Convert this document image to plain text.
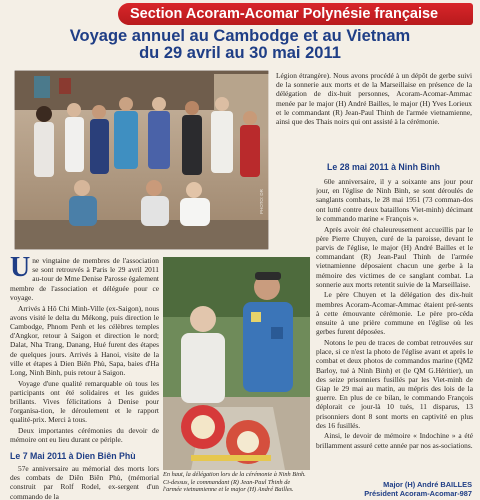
Section Acoram-Acomar Polynésie française
Voyage annuel au Cambodge et au Vietnam
du 29 avril au 30 mai 2011
PHOTO: DR

Légion étrangère). Nous avons procédé à un dépôt de gerbe suivi de la sonnerie aux morts et de la Marseillaise en présence de la délégation de dix-huit personnes, Acoram-Acomar-Ammac menée par le major (H) André Bailles, le major (H) Yves Lorieux et le commandant (R) Jean-Paul Thinh de l'armée vietnamienne, ainsi que des Thais noirs qui ont assisté à la cérémonie.

Le 28 mai 2011 à Ninh Binh

60e anniversaire, il y a soixante ans jour pour jour, en l'église de Ninh Binh, se sont déroulés de sanglants combats, le 28 mai 1951 (73 comman-dos ont lutté contre deux bataillons Viet-minh) décimant le commando marine « François ».

Après avoir été chaleureusement accueillis par le père Pierre Chuyen, curé de la paroisse, devant le parvis de l'église, le major (H) André Bailles et le commandant (R) Jean-Paul Thinh de l'armée vietnamienne déposaient chacun une gerbe à la mémoire des victimes de ce sanglant combat. La sonnerie aux morts retentit suivie de la Marseillaise.

Le père Chuyen et la délégation des dix-huit membres Acoram-Acomar-Ammac étaient pré-sents à cette émouvante cérémonie. Le père pro-céda ensuite à une prière commune en l'église où les gerbes furent déposées.

Notons le peu de traces de combat retrouvées sur place, si ce n'est la photo de l'église avant et après le combat et deux photos de commandos marine (QM2 Barloy, tué à Ninh Binh) et (le QM G.Héritier), un des seize prisonniers fusillés par les Viet-minh de Giap le 29 mai au matin, au mépris des lois de la guerre. En plus de ce bilan, le commando François déplorait ce jour-là 10 tués, 11 disparus, 13 prisonniers dont 8 sont morts en captivité en plus des 16 fusillés.

Ainsi, le devoir de mémoire « Indochine » a été brillamment assuré cette année par nos as-sociations.

Une vingtaine de membres de l'association se sont retrouvés à Paris le 29 avril 2011 au-tour de Mme Denise Parosse également membre de l'association et déléguée pour ce voyage.

Arrivés à Hô Chi Minh-Ville (ex-Saigon), nous avons visité le delta du Mékong, puis direction le Cambodge, Phnom Penh et les célèbres temples d'Angkor, retour à Saigon et direction le nord; Dalat, Nha Trang, Danang, Hué furent des étapes de quelques jours. Arrivés à Hanoi, visite de la ville et étapes à Dien Biên Phù, Sapa, baies d'Ha Long, Ninh Binh, puis retour à Saigon.

Voyage d'une qualité remarquable où tous les participants ont été solidaires et les guides brillants. Vives félicitations à Denise pour l'organisa-tion, le déroulement et le rapport qualité-prix. Merci à tous.

Deux importantes cérémonies du devoir de mémoire ont eu lieu durant ce périple.

Le 7 Mai 2011 à Dien Biên Phù

57e anniversaire au mémorial des morts lors des combats de Diên Biên Phù, (mémorial construit par Rolf Rodel, ex-sergent d'un commando de la

En haut, la délégation lors de la cérémonie à Ninh Binh. Ci-dessus, le commandant (R) Jean-Paul Thinh de l'armée vietnamienne et le major (H) André Bailles.
Major (H) André BAILLES
Président Acoram-Acomar-987
